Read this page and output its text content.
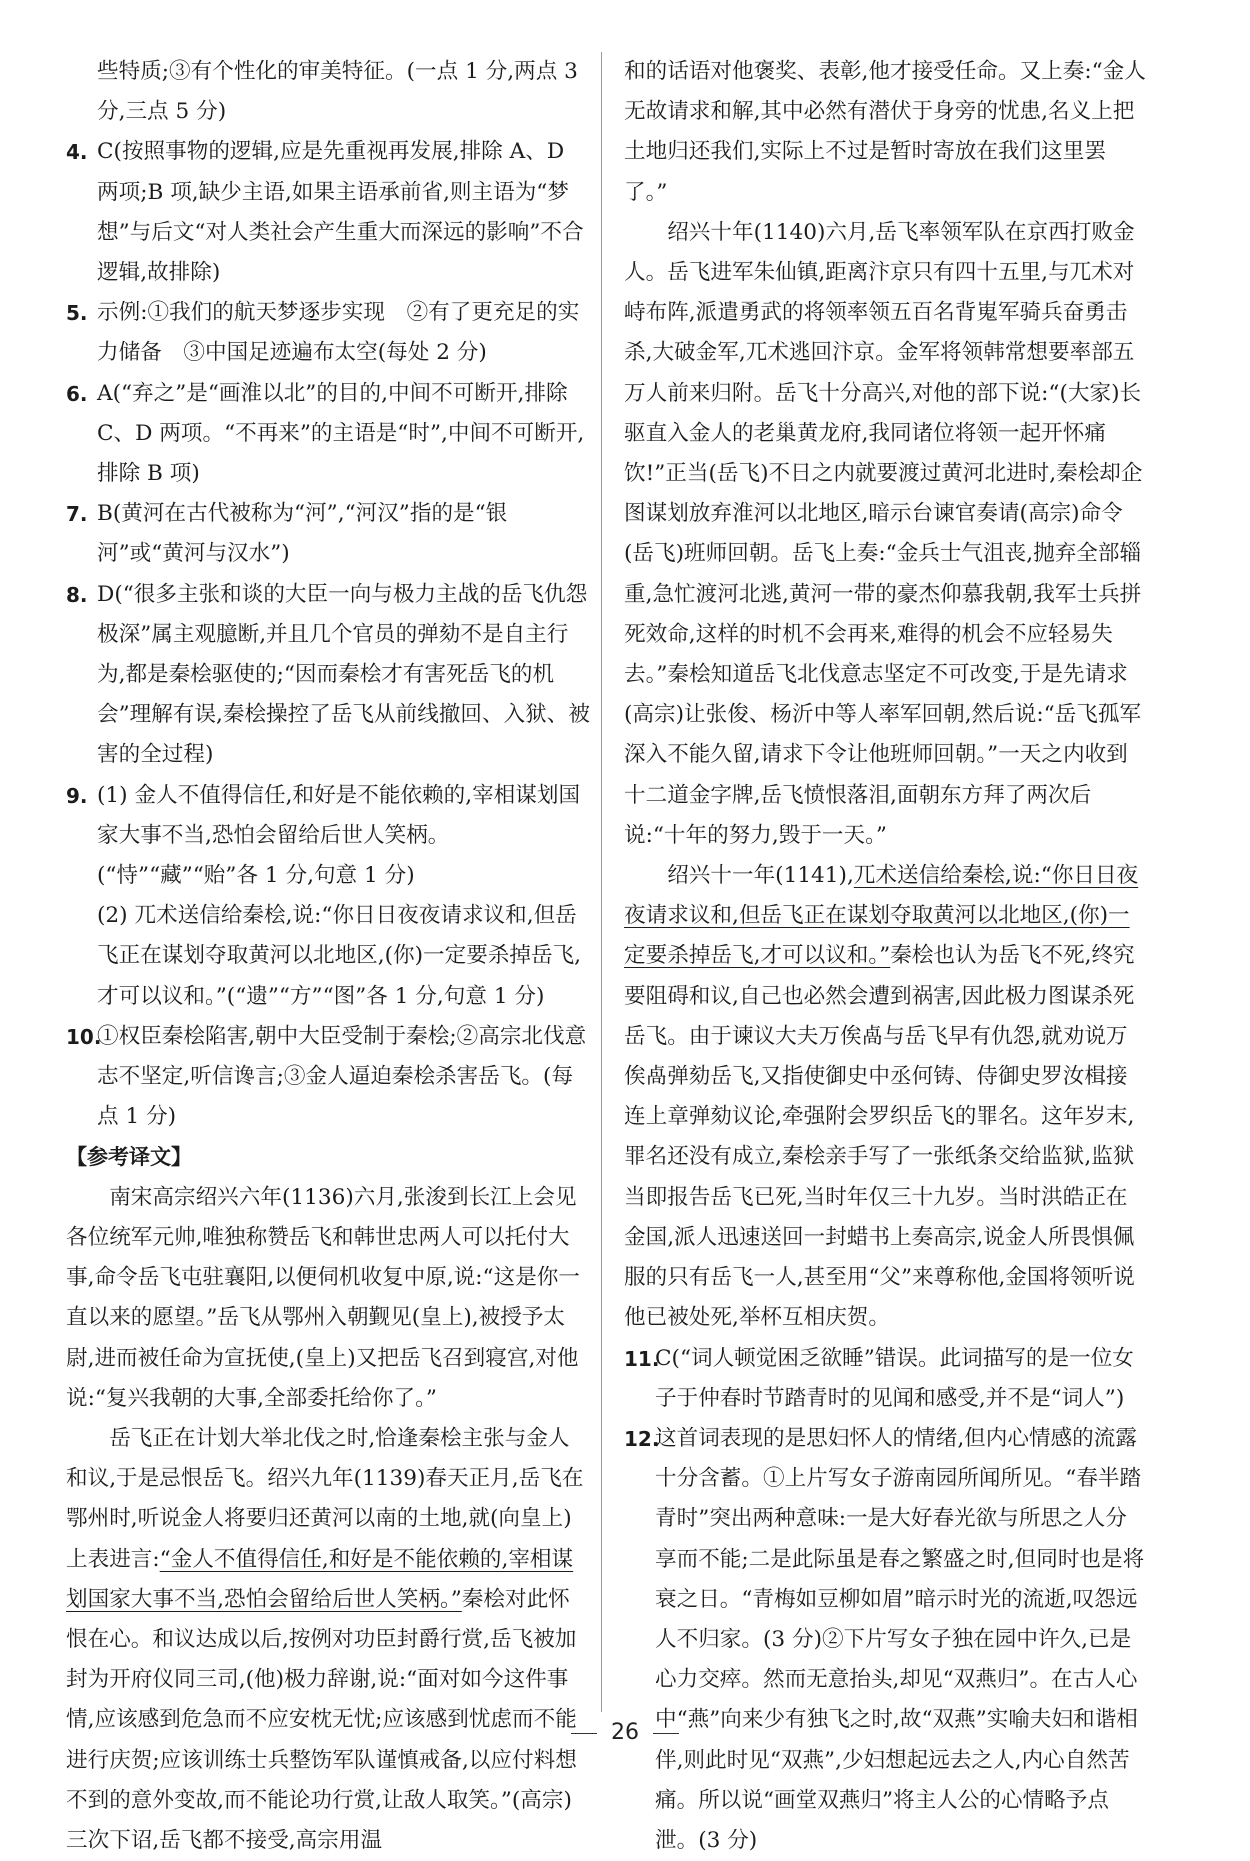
些特质;③有个性化的审美特征。(一点 1 分,两点 3 分,三点 5 分)

4. C(按照事物的逻辑,应是先重视再发展,排除 A、D 两项;B 项,缺少主语,如果主语承前省,则主语为“梦想”与后文“对人类社会产生重大而深远的影响”不合逻辑,故排除)
5. 示例:①我们的航天梦逐步实现　②有了更充足的实力储备　③中国足迹遍布太空(每处 2 分)
6. A(“弃之”是“画淮以北”的目的,中间不可断开,排除 C、D 两项。“不再来”的主语是“时”,中间不可断开,排除 B 项)
7. B(黄河在古代被称为“河”,“河汉”指的是“银河”或“黄河与汉水”)
8. D(“很多主张和谈的大臣一向与极力主战的岳飞仇怨极深”属主观臆断,并且几个官员的弹劾不是自主行为,都是秦桧驱使的;“因而秦桧才有害死岳飞的机会”理解有误,秦桧操控了岳飞从前线撤回、入狱、被害的全过程)
9. (1) 金人不值得信任,和好是不能依赖的,宰相谋划国家大事不当,恐怕会留给后世人笑柄。(“恃”“藏”“贻”各 1 分,句意 1 分)

(2) 兀术送信给秦桧,说:“你日日夜夜请求议和,但岳飞正在谋划夺取黄河以北地区,(你)一定要杀掉岳飞,才可以议和。”(“遗”“方”“图”各 1 分,句意 1 分)

10.
①权臣秦桧陷害,朝中大臣受制于秦桧;②高宗北伐意志不坚定,听信谗言;③金人逼迫秦桧杀害岳飞。(每点 1 分)
【参考译文】

南宋高宗绍兴六年(1136)六月,张浚到长江上会见各位统军元帅,唯独称赞岳飞和韩世忠两人可以托付大事,命令岳飞屯驻襄阳,以便伺机收复中原,说:“这是你一直以来的愿望。”岳飞从鄂州入朝觐见(皇上),被授予太尉,进而被任命为宣抚使,(皇上)又把岳飞召到寝宫,对他说:“复兴我朝的大事,全部委托给你了。”

岳飞正在计划大举北伐之时,恰逢秦桧主张与金人和议,于是忌恨岳飞。绍兴九年(1139)春天正月,岳飞在鄂州时,听说金人将要归还黄河以南的土地,就(向皇上)上表进言:“金人不值得信任,和好是不能依赖的,宰相谋划国家大事不当,恐怕会留给后世人笑柄。”秦桧对此怀恨在心。和议达成以后,按例对功臣封爵行赏,岳飞被加封为开府仪同三司,(他)极力辞谢,说:“面对如今这件事情,应该感到危急而不应安枕无忧;应该感到忧虑而不能进行庆贺;应该训练士兵整饬军队谨慎戒备,以应付料想不到的意外变故,而不能论功行赏,让敌人取笑。”(高宗)三次下诏,岳飞都不接受,高宗用温

和的话语对他褒奖、表彰,他才接受任命。又上奏:“金人无故请求和解,其中必然有潜伏于身旁的忧患,名义上把土地归还我们,实际上不过是暂时寄放在我们这里罢了。”

绍兴十年(1140)六月,岳飞率领军队在京西打败金人。岳飞进军朱仙镇,距离汴京只有四十五里,与兀术对峙布阵,派遣勇武的将领率领五百名背嵬军骑兵奋勇击杀,大破金军,兀术逃回汴京。金军将领韩常想要率部五万人前来归附。岳飞十分高兴,对他的部下说:“(大家)长驱直入金人的老巢黄龙府,我同诸位将领一起开怀痛饮!”正当(岳飞)不日之内就要渡过黄河北进时,秦桧却企图谋划放弃淮河以北地区,暗示台谏官奏请(高宗)命令(岳飞)班师回朝。岳飞上奏:“金兵士气沮丧,抛弃全部辎重,急忙渡河北逃,黄河一带的豪杰仰慕我朝,我军士兵拼死效命,这样的时机不会再来,难得的机会不应轻易失去。”秦桧知道岳飞北伐意志坚定不可改变,于是先请求(高宗)让张俊、杨沂中等人率军回朝,然后说:“岳飞孤军深入不能久留,请求下令让他班师回朝。”一天之内收到十二道金字牌,岳飞愤恨落泪,面朝东方拜了两次后说:“十年的努力,毁于一天。”

绍兴十一年(1141),兀术送信给秦桧,说:“你日日夜夜请求议和,但岳飞正在谋划夺取黄河以北地区,(你)一定要杀掉岳飞,才可以议和。”秦桧也认为岳飞不死,终究要阻碍和议,自己也必然会遭到祸害,因此极力图谋杀死岳飞。由于谏议大夫万俟卨与岳飞早有仇怨,就劝说万俟卨弹劾岳飞,又指使御史中丞何铸、侍御史罗汝楫接连上章弹劾议论,牵强附会罗织岳飞的罪名。这年岁末,罪名还没有成立,秦桧亲手写了一张纸条交给监狱,监狱当即报告岳飞已死,当时年仅三十九岁。当时洪皓正在金国,派人迅速送回一封蜡书上奏高宗,说金人所畏惧佩服的只有岳飞一人,甚至用“父”来尊称他,金国将领听说他已被处死,举杯互相庆贺。

11.
C(“词人顿觉困乏欲睡”错误。此词描写的是一位女子于仲春时节踏青时的见闻和感受,并不是“词人”)
12.
这首词表现的是思妇怀人的情绪,但内心情感的流露十分含蓄。①上片写女子游南园所闻所见。“春半踏青时”突出两种意味:一是大好春光欲与所思之人分享而不能;二是此际虽是春之繁盛之时,但同时也是将衰之日。“青梅如豆柳如眉”暗示时光的流逝,叹怨远人不归家。(3 分)②下片写女子独在园中许久,已是心力交瘁。然而无意抬头,却见“双燕归”。在古人心中“燕”向来少有独飞之时,故“双燕”实喻夫妇和谐相伴,则此时见“双燕”,少妇想起远去之人,内心自然苦痛。所以说“画堂双燕归”将主人公的心情略予点泄。(3 分)
26
